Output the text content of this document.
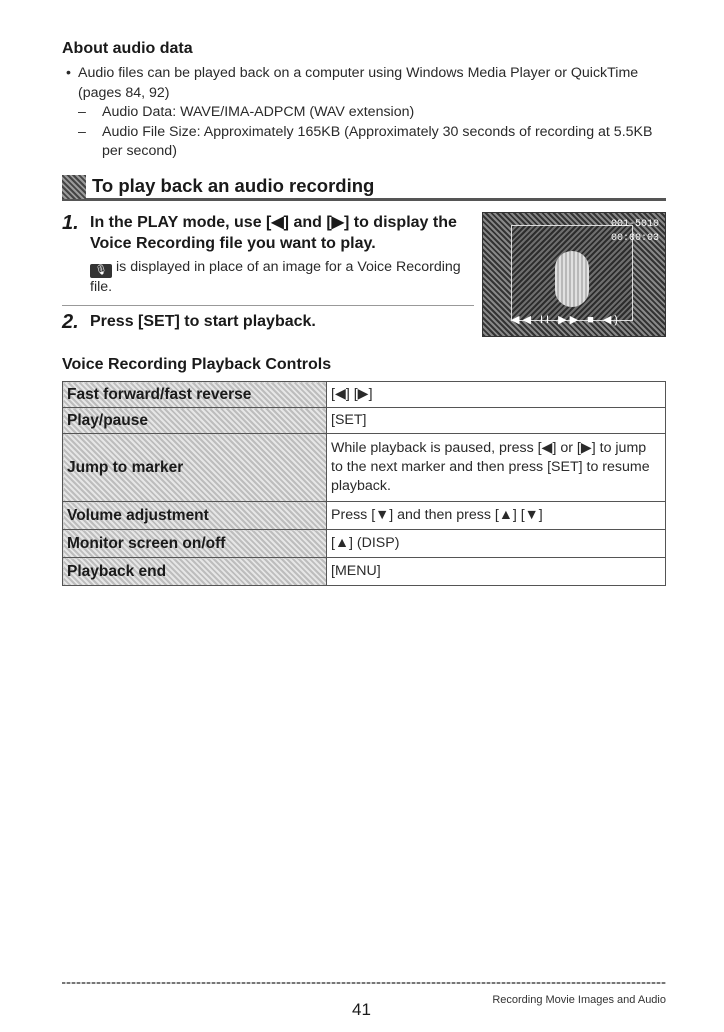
About audio data
• Audio files can be played back on a computer using Windows Media Player or QuickTime (pages 84, 92)
– Audio Data: WAVE/IMA-ADPCM (WAV extension)
– Audio File Size: Approximately 165KB (Approximately 30 seconds of recording at 5.5KB per second)
To play back an audio recording
1. In the PLAY mode, use [◀] and [▶] to display the Voice Recording file you want to play.
🎙 is displayed in place of an image for a Voice Recording file.
2. Press [SET] to start playback.
001-5010
00:00:03
◀◀ II ▶▶ ■ ◀)
Voice Recording Playback Controls
Fast forward/fast reverse	[◀] [▶]
Play/pause	[SET]
Jump to marker	While playback is paused, press [◀] or [▶] to jump to the next marker and then press [SET] to resume playback.
Volume adjustment	Press [▼] and then press [▲] [▼]
Monitor screen on/off	[▲] (DISP)
Playback end	[MENU]
41	Recording Movie Images and Audio
